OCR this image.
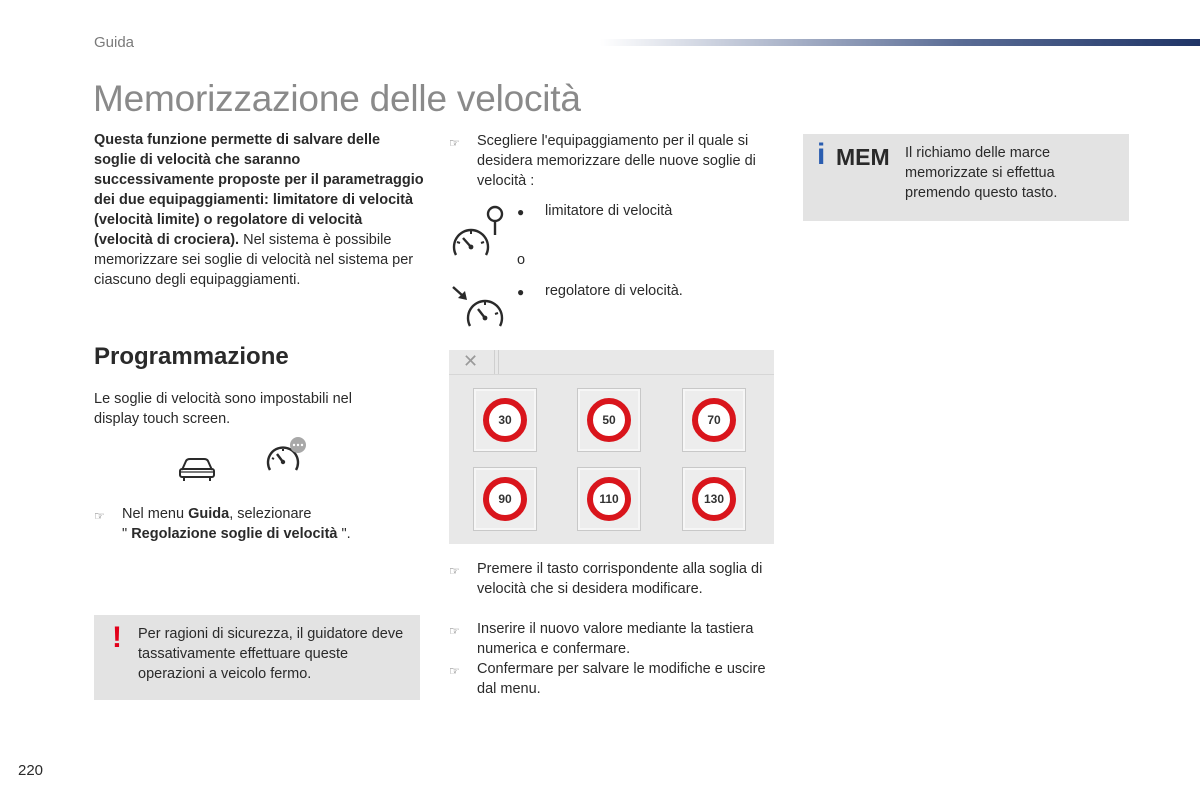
Guida
Memorizzazione delle velocità
Questa funzione permette di salvare delle soglie di velocità che saranno successivamente proposte per il parametraggio dei due equipaggiamenti: limitatore di velocità (velocità limite) o regolatore di velocità (velocità di crociera). Nel sistema è possibile memorizzare sei soglie di velocità nel sistema per ciascuno degli equipaggiamenti.
Programmazione
Le soglie di velocità sono impostabili nel display touch screen.
☞	Nel menu Guida, selezionare
" Regolazione soglie di velocità ".
! Per ragioni di sicurezza, il guidatore deve tassativamente effettuare queste operazioni a veicolo fermo.
☞	Scegliere l'equipaggiamento per il quale si desidera memorizzare delle nuove soglie di velocità :
●	limitatore di velocità
o
●	regolatore di velocità.
✕
30	50	70
90	110	130
☞	Premere il tasto corrispondente alla soglia di velocità che si desidera modificare.
☞	Inserire il nuovo valore mediante la tastiera numerica e confermare.
☞	Confermare per salvare le modifiche e uscire dal menu.
i MEM Il richiamo delle marce memorizzate si effettua premendo questo tasto.
220
